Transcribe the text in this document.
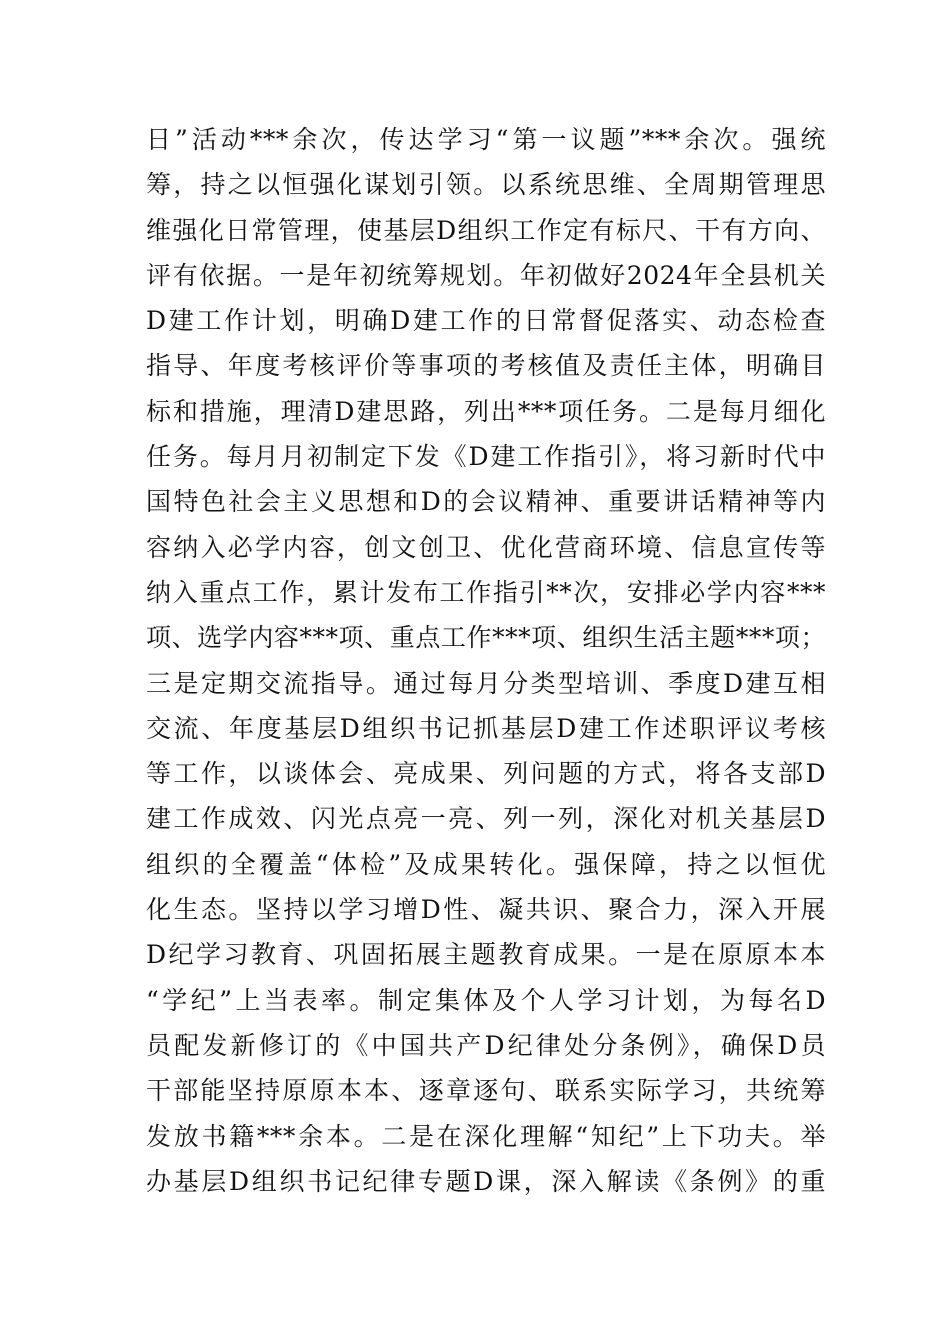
日”活动***余次，传达学习“第一议题”***余次。强统
筹，持之以恒强化谋划引领。以系统思维、全周期管理思
维强化日常管理，使基层D组织工作定有标尺、干有方向、
评有依据。一是年初统筹规划。年初做好2024年全县机关
D建工作计划，明确D建工作的日常督促落实、动态检查
指导、年度考核评价等事项的考核值及责任主体，明确目
标和措施，理清D建思路，列出***项任务。二是每月细化
任务。每月月初制定下发《D建工作指引》，将习新时代中
国特色社会主义思想和D的会议精神、重要讲话精神等内
容纳入必学内容，创文创卫、优化营商环境、信息宣传等
纳入重点工作，累计发布工作指引**次，安排必学内容***
项、选学内容***项、重点工作***项、组织生活主题***项；
三是定期交流指导。通过每月分类型培训、季度D建互相
交流、年度基层D组织书记抓基层D建工作述职评议考核
等工作，以谈体会、亮成果、列问题的方式，将各支部D
建工作成效、闪光点亮一亮、列一列，深化对机关基层D
组织的全覆盖“体检”及成果转化。强保障，持之以恒优
化生态。坚持以学习增D性、凝共识、聚合力，深入开展
D纪学习教育、巩固拓展主题教育成果。一是在原原本本
“学纪”上当表率。制定集体及个人学习计划，为每名D
员配发新修订的《中国共产D纪律处分条例》，确保D员
干部能坚持原原本本、逐章逐句、联系实际学习，共统筹
发放书籍***余本。二是在深化理解“知纪”上下功夫。举
办基层D组织书记纪律专题D课，深入解读《条例》的重
